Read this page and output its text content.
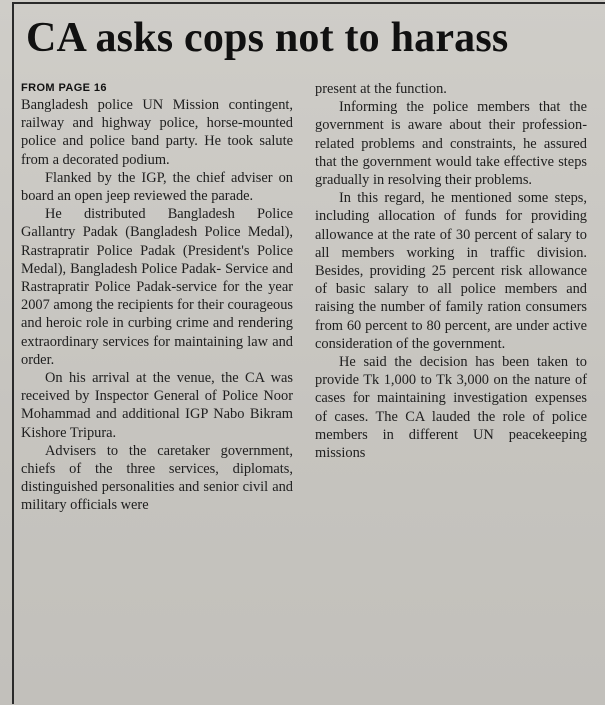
CA asks cops not to harass
FROM PAGE 16

Bangladesh police UN Mission contingent, railway and highway police, horse-mounted police and police band party. He took salute from a decorated podium.

Flanked by the IGP, the chief adviser on board an open jeep reviewed the parade.

He distributed Bangladesh Police Gallantry Padak (Bangladesh Police Medal), Rastrapratir Police Padak (President's Police Medal), Bangladesh Police Padak- Service and Rastrapratir Police Padak-service for the year 2007 among the recipients for their courageous and heroic role in curbing crime and rendering extraordinary services for maintaining law and order.

On his arrival at the venue, the CA was received by Inspector General of Police Noor Mohammad and additional IGP Nabo Bikram Kishore Tripura.

Advisers to the caretaker government, chiefs of the three services, diplomats, distinguished personalities and senior civil and military officials were

present at the function.

Informing the police members that the government is aware about their profession-related problems and constraints, he assured that the government would take effective steps gradually in resolving their problems.

In this regard, he mentioned some steps, including allocation of funds for providing allowance at the rate of 30 percent of salary to all members working in traffic division. Besides, providing 25 percent risk allowance of basic salary to all police members and raising the number of family ration consumers from 60 percent to 80 percent, are under active consideration of the government.

He said the decision has been taken to provide Tk 1,000 to Tk 3,000 on the nature of cases for maintaining investigation expenses of cases. The CA lauded the role of police members in different UN peacekeeping missions
